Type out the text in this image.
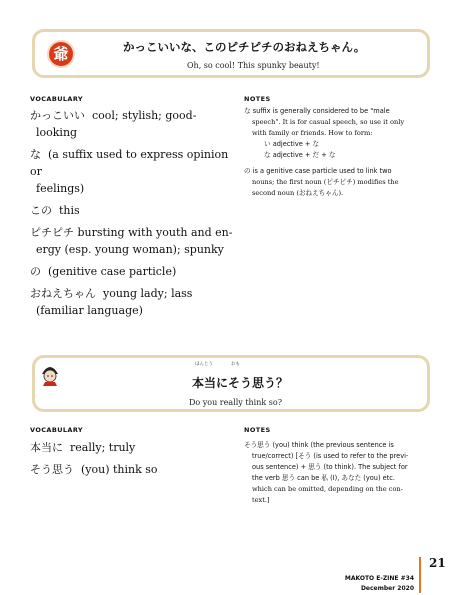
爺	かっこいいな、このピチピチのおねえちゃん。
Oh, so cool! This spunky beauty!
VOCABULARY	NOTES
かっこいい cool; stylish; good-
looking
な (a suffix used to express opinion or
feelings)
この this
ピチピチ bursting with youth and en-
ergy (esp. young woman); spunky
の (genitive case particle)
おねえちゃん young lady; lass
(familiar language)
な suffix is generally considered to be "male
speech". It is for casual speech, so use it only
with family or friends. How to form:
い adjective + な
な adjective + だ + な
の is a genitive case particle used to link two
nouns; the first noun (ピチピチ) modifies the
second noun (おねえちゃん).
ほんとう	おも
本当にそう思う？
Do you really think so?
VOCABULARY	NOTES
本当に really; truly
そう思う (you) think so
そう思う (you) think (the previous sentence is
true/correct) [そう (is used to refer to the previ-
ous sentence) + 思う (to think). The subject for
the verb 思う can be 私 (I), あなた (you) etc.
which can be omitted, depending on the con-
text.]
21
MAKOTO E-ZINE #34
December 2020
